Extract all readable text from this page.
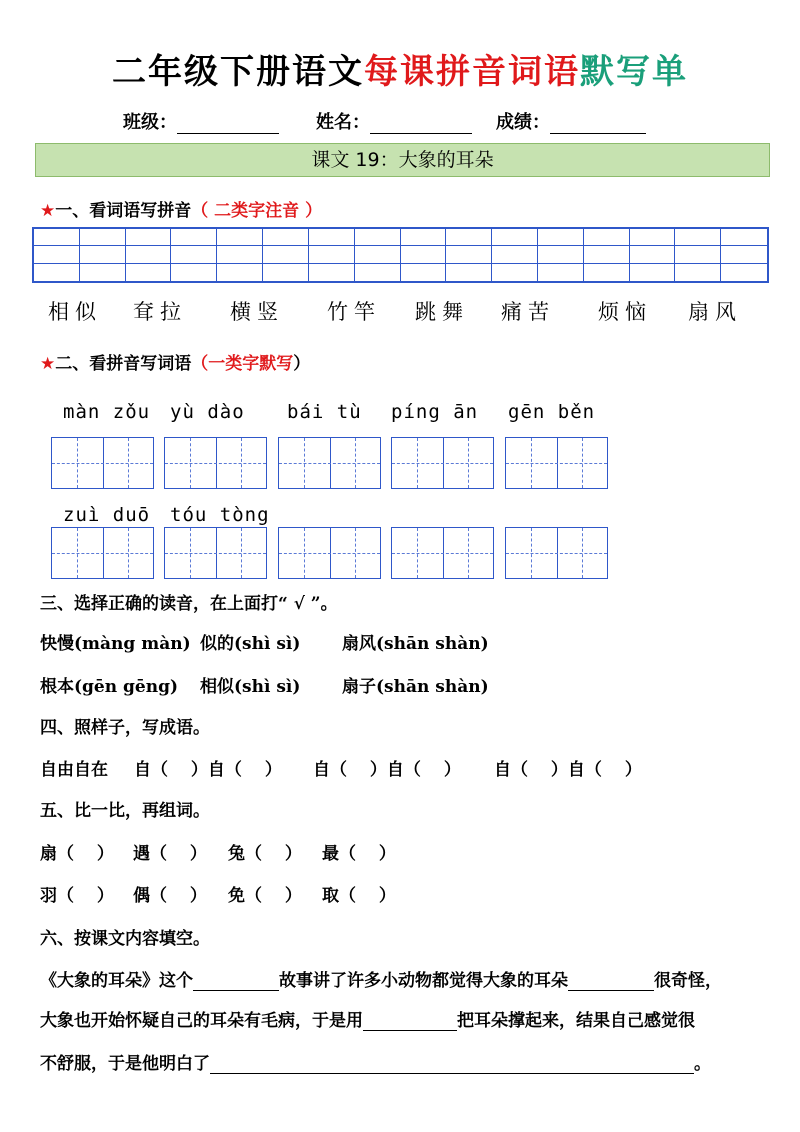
二年级下册语文每课拼音词语默写单
班级：	姓名：	成绩：
课文 19：大象的耳朵
★一、看词语写拼音（ 二类字注音 ）
相似 耷拉 横竖 竹竿 跳舞 痛苦 烦恼 扇风
★二、看拼音写词语（一类字默写）
màn zǒu yù dào bái tù píng ān gēn běn
zuì duō tóu tòng
三、选择正确的读音，在上面打“ √ ”。
快慢(màng màn) 似的(shì sì) 扇风(shān shàn)
根本(gēn gēng) 相似(shì sì) 扇子(shān shàn)
四、照样子，写成语。
自由自在 自（　 ）自（　 ） 自（　 ）自（　 ） 自（　 ）自（　 ）
五、比一比，再组词。
扇（　 ） 遇（　 ） 兔（　 ） 最（　 ）
羽（　 ） 偶（　 ） 免（　 ） 取（　 ）
六、按课文内容填空。
《大象的耳朵》这个	故事讲了许多小动物都觉得大象的耳朵	很奇怪，
大象也开始怀疑自己的耳朵有毛病，于是用	把耳朵撑起来，结果自己感觉很
不舒服，于是他明白了	。
